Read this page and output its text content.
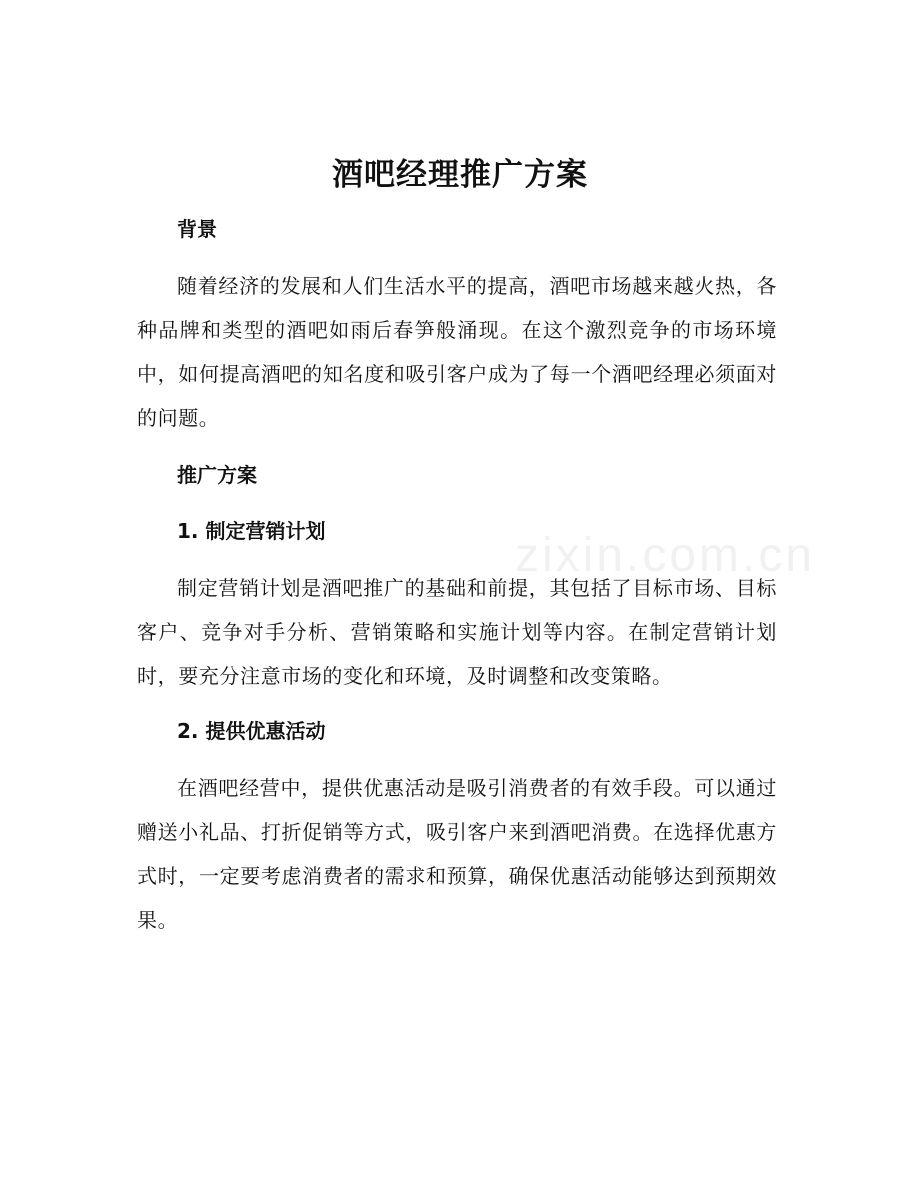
酒吧经理推广方案
背景
随着经济的发展和人们生活水平的提高，酒吧市场越来越火热，各种品牌和类型的酒吧如雨后春笋般涌现。在这个激烈竞争的市场环境中，如何提高酒吧的知名度和吸引客户成为了每一个酒吧经理必须面对的问题。
推广方案
1. 制定营销计划
制定营销计划是酒吧推广的基础和前提，其包括了目标市场、目标客户、竞争对手分析、营销策略和实施计划等内容。在制定营销计划时，要充分注意市场的变化和环境，及时调整和改变策略。
2. 提供优惠活动
在酒吧经营中，提供优惠活动是吸引消费者的有效手段。可以通过赠送小礼品、打折促销等方式，吸引客户来到酒吧消费。在选择优惠方式时，一定要考虑消费者的需求和预算，确保优惠活动能够达到预期效果。
zixin.com.cn
